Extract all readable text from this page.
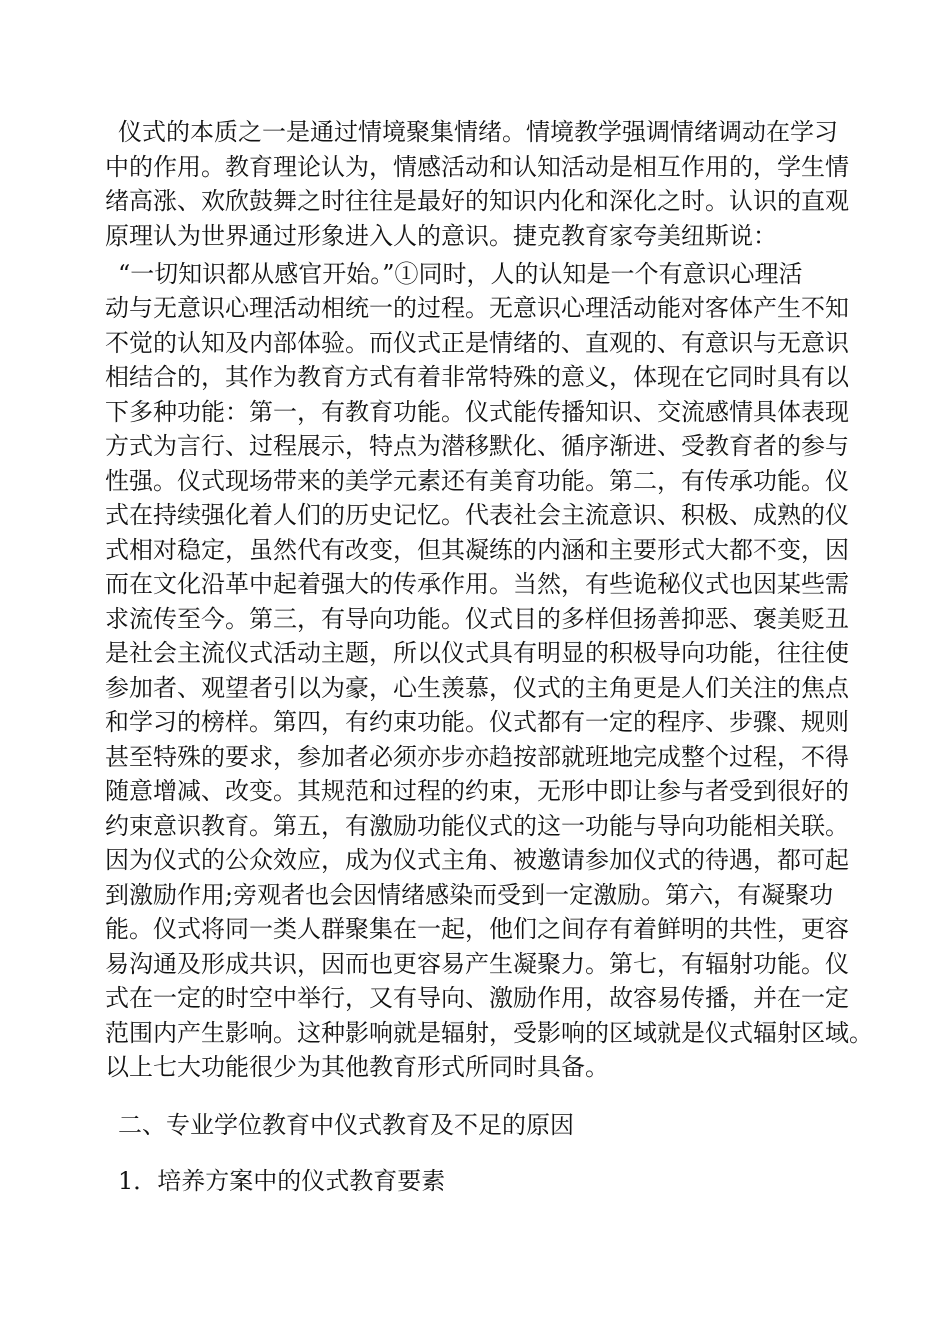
仪式的本质之一是通过情境聚集情绪。情境教学强调情绪调动在学习
中的作用。教育理论认为，情感活动和认知活动是相互作用的，学生情
绪高涨、欢欣鼓舞之时往往是最好的知识内化和深化之时。认识的直观
原理认为世界通过形象进入人的意识。捷克教育家夸美纽斯说：
“一切知识都从感官开始。”①同时，人的认知是一个有意识心理活
动与无意识心理活动相统一的过程。无意识心理活动能对客体产生不知
不觉的认知及内部体验。而仪式正是情绪的、直观的、有意识与无意识
相结合的，其作为教育方式有着非常特殊的意义，体现在它同时具有以
下多种功能：第一，有教育功能。仪式能传播知识、交流感情具体表现
方式为言行、过程展示，特点为潜移默化、循序渐进、受教育者的参与
性强。仪式现场带来的美学元素还有美育功能。第二，有传承功能。仪
式在持续强化着人们的历史记忆。代表社会主流意识、积极、成熟的仪
式相对稳定，虽然代有改变，但其凝练的内涵和主要形式大都不变，因
而在文化沿革中起着强大的传承作用。当然，有些诡秘仪式也因某些需
求流传至今。第三，有导向功能。仪式目的多样但扬善抑恶、褒美贬丑
是社会主流仪式活动主题，所以仪式具有明显的积极导向功能，往往使
参加者、观望者引以为豪，心生羡慕，仪式的主角更是人们关注的焦点
和学习的榜样。第四，有约束功能。仪式都有一定的程序、步骤、规则
甚至特殊的要求，参加者必须亦步亦趋按部就班地完成整个过程，不得
随意增减、改变。其规范和过程的约束，无形中即让参与者受到很好的
约束意识教育。第五，有激励功能仪式的这一功能与导向功能相关联。
因为仪式的公众效应，成为仪式主角、被邀请参加仪式的待遇，都可起
到激励作用;旁观者也会因情绪感染而受到一定激励。第六，有凝聚功
能。仪式将同一类人群聚集在一起，他们之间存有着鲜明的共性，更容
易沟通及形成共识，因而也更容易产生凝聚力。第七，有辐射功能。仪
式在一定的时空中举行，又有导向、激励作用，故容易传播，并在一定
范围内产生影响。这种影响就是辐射，受影响的区域就是仪式辐射区域。
以上七大功能很少为其他教育形式所同时具备。
二、专业学位教育中仪式教育及不足的原因
1．培养方案中的仪式教育要素
